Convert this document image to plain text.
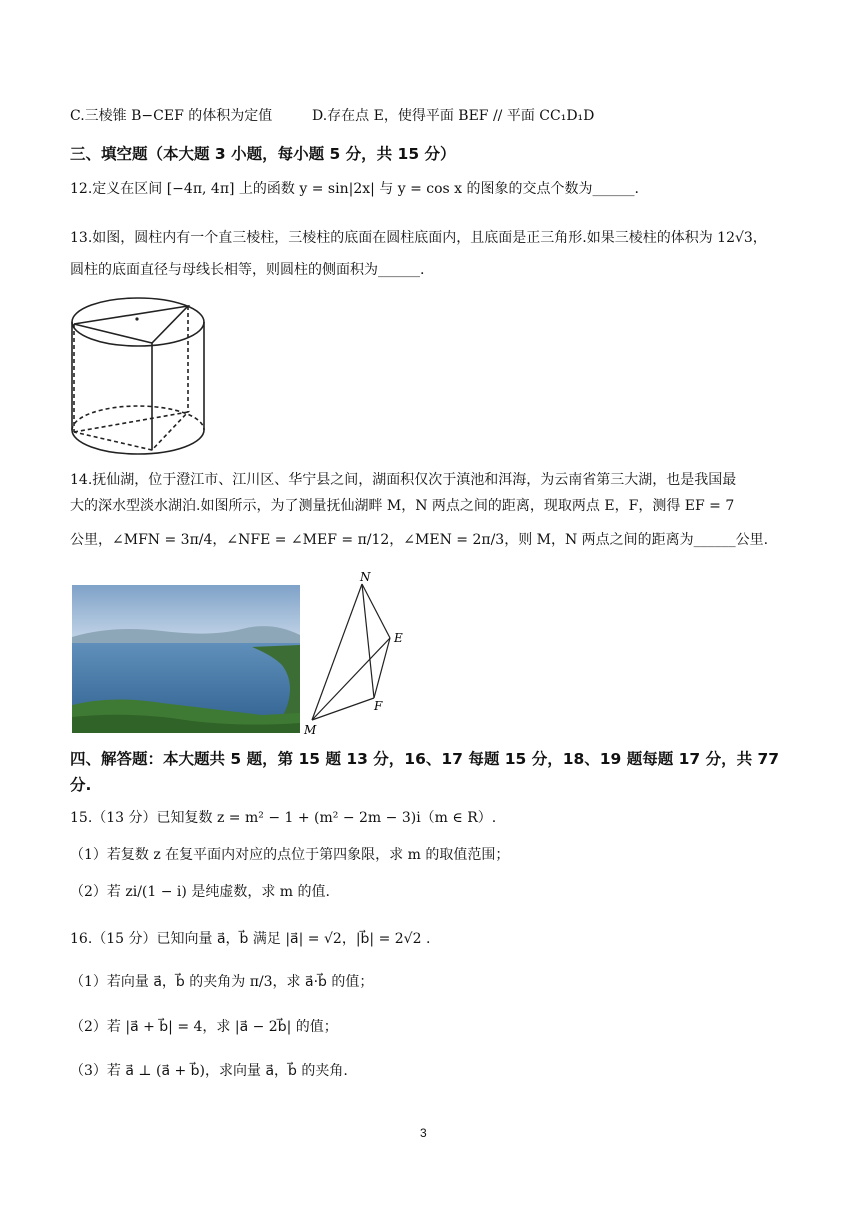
C.三棱锥 B−CEF 的体积为定值	D.存在点 E，使得平面 BEF // 平面 CC₁D₁D
三、填空题（本大题 3 小题，每小题 5 分，共 15 分）
12.定义在区间 [−4π, 4π] 上的函数 y = sin|2x| 与 y = cos x 的图象的交点个数为______.
13.如图，圆柱内有一个直三棱柱，三棱柱的底面在圆柱底面内，且底面是正三角形.如果三棱柱的体积为 12√3，
圆柱的底面直径与母线长相等，则圆柱的侧面积为______.
14.抚仙湖，位于澄江市、江川区、华宁县之间，湖面积仅次于滇池和洱海，为云南省第三大湖，也是我国最
大的深水型淡水湖泊.如图所示，为了测量抚仙湖畔 M，N 两点之间的距离，现取两点 E，F，测得 EF = 7
公里，∠MFN = 3π/4，∠NFE = ∠MEF = π/12，∠MEN = 2π/3，则 M，N 两点之间的距离为______公里.
N
E
F
M
四、解答题：本大题共 5 题，第 15 题 13 分，16、17 每题 15 分，18、19 题每题 17 分，共 77 分.
15.（13 分）已知复数 z = m² − 1 + (m² − 2m − 3)i（m ∈ R）.
（1）若复数 z 在复平面内对应的点位于第四象限，求 m 的取值范围；
（2）若 zi/(1 − i) 是纯虚数，求 m 的值.
16.（15 分）已知向量 a⃗，b⃗ 满足 |a⃗| = √2，|b⃗| = 2√2 .
（1）若向量 a⃗，b⃗ 的夹角为 π/3，求 a⃗·b⃗ 的值；
（2）若 |a⃗ + b⃗| = 4，求 |a⃗ − 2b⃗| 的值；
（3）若 a⃗ ⊥ (a⃗ + b⃗)，求向量 a⃗，b⃗ 的夹角.
3
